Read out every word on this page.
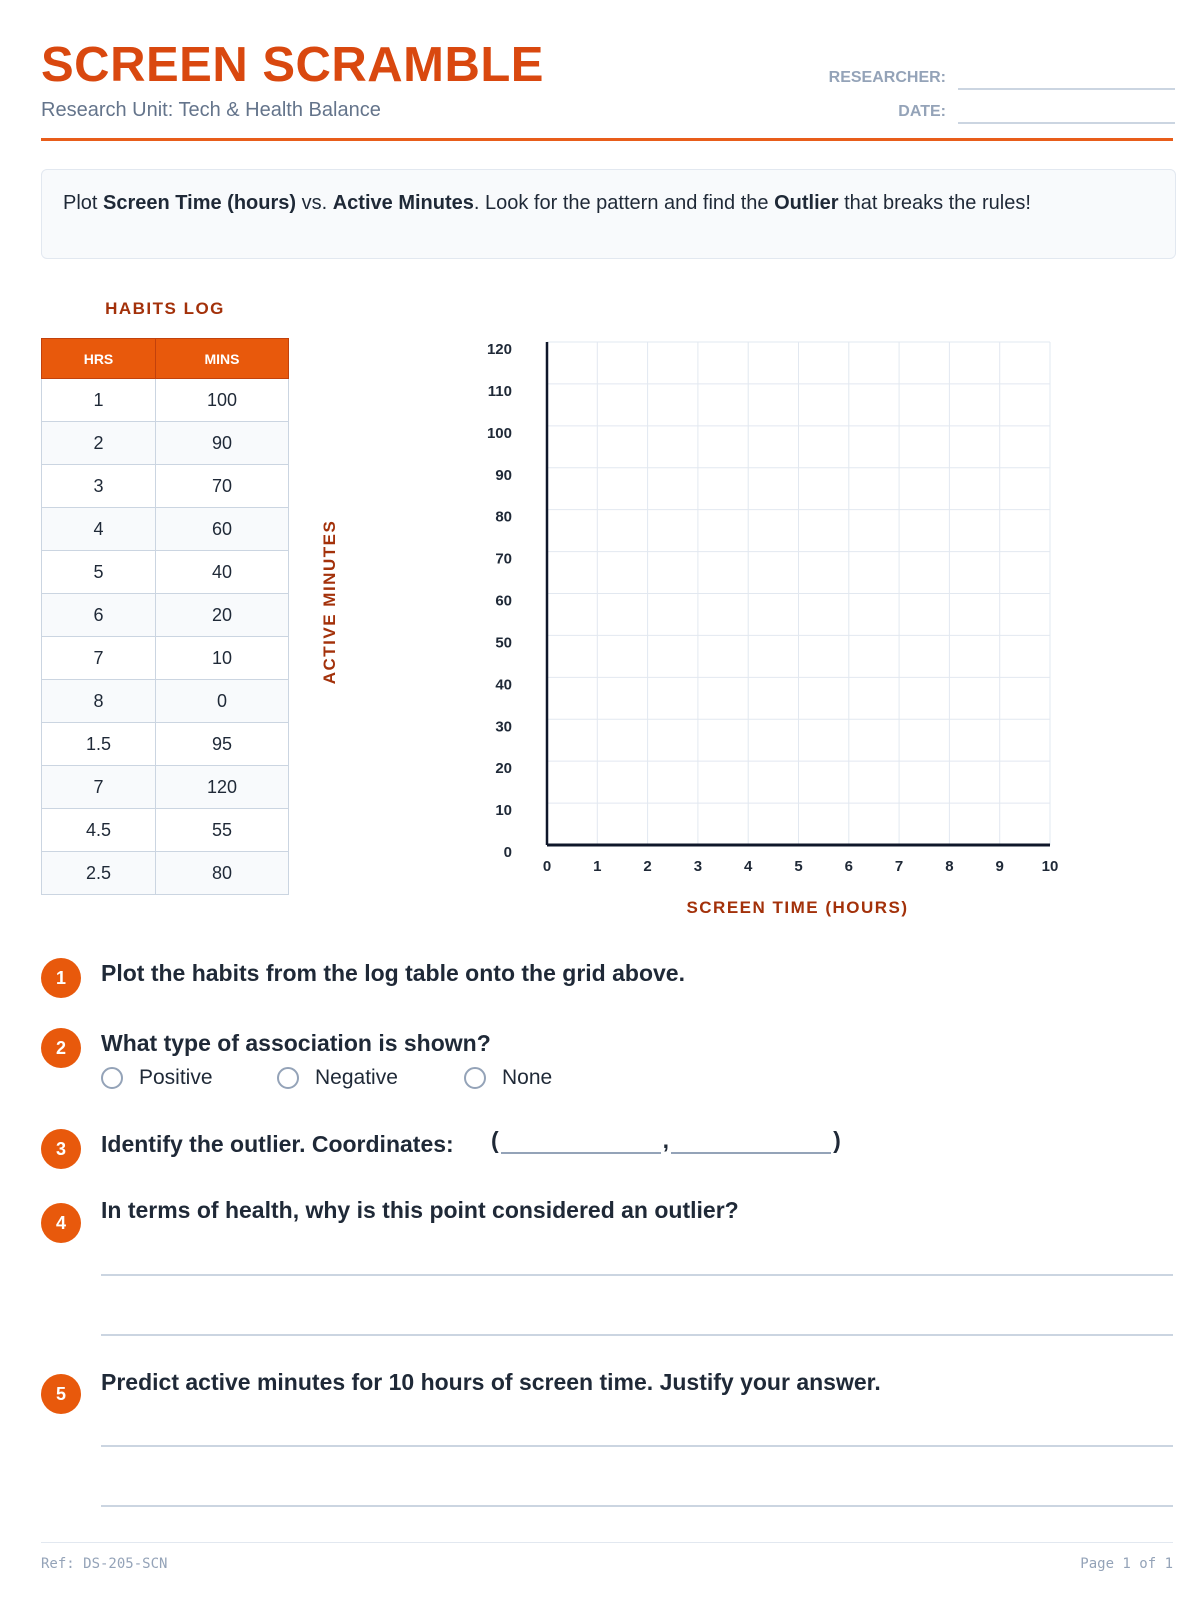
SCREEN SCRAMBLE
Research Unit: Tech & Health Balance
RESEARCHER:
DATE:
Plot Screen Time (hours) vs. Active Minutes. Look for the pattern and find the Outlier that breaks the rules!
HABITS LOG
HRS	MINS
1	100
2	90
3	70
4	60
5	40
6	20
7	10
8	0
1.5	95
7	120
4.5	55
2.5	80
ACTIVE MINUTES
0
10
20
30
40
50
60
70
80
90
100
110
120
0	1	2	3	4	5	6	7	8	9	10
SCREEN TIME (HOURS)
1	Plot the habits from the log table onto the grid above.
2	What type of association is shown?
Positive	Negative	None
3	Identify the outlier. Coordinates: (	,	)
4	In terms of health, why is this point considered an outlier?
5	Predict active minutes for 10 hours of screen time. Justify your answer.
Ref: DS-205-SCN	Page 1 of 1
